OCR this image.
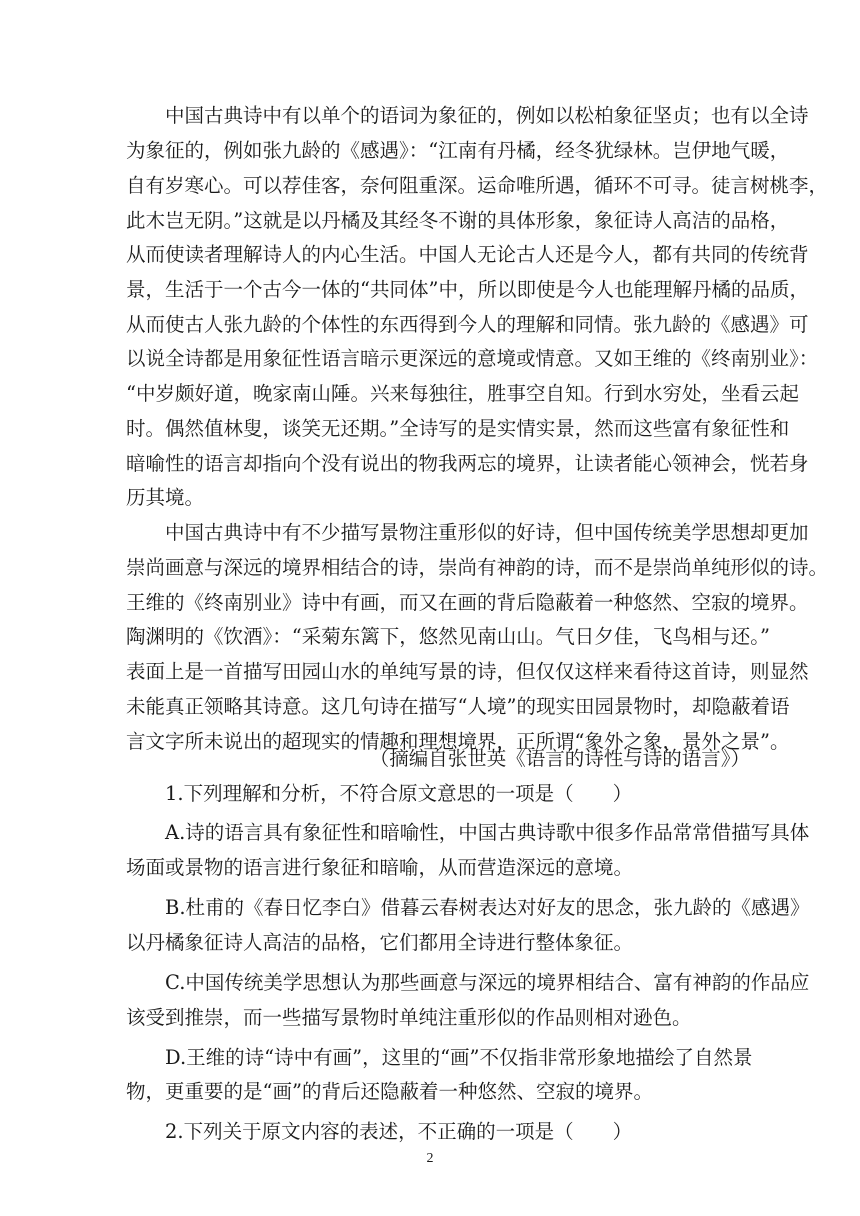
中国古典诗中有以单个的语词为象征的，例如以松柏象征坚贞；也有以全诗
为象征的，例如张九龄的《感遇》：“江南有丹橘，经冬犹绿林。岂伊地气暖，
自有岁寒心。可以荐佳客，奈何阻重深。运命唯所遇，循环不可寻。徒言树桃李，
此木岂无阴。”这就是以丹橘及其经冬不谢的具体形象，象征诗人高洁的品格，
从而使读者理解诗人的内心生活。中国人无论古人还是今人，都有共同的传统背
景，生活于一个古今一体的“共同体”中，所以即使是今人也能理解丹橘的品质，
从而使古人张九龄的个体性的东西得到今人的理解和同情。张九龄的《感遇》可
以说全诗都是用象征性语言暗示更深远的意境或情意。又如王维的《终南别业》：
“中岁颇好道，晚家南山陲。兴来每独往，胜事空自知。行到水穷处，坐看云起
时。偶然值林叟，谈笑无还期。”全诗写的是实情实景，然而这些富有象征性和
暗喻性的语言却指向个没有说出的物我两忘的境界，让读者能心领神会，恍若身
历其境。
中国古典诗中有不少描写景物注重形似的好诗，但中国传统美学思想却更加
崇尚画意与深远的境界相结合的诗，崇尚有神韵的诗，而不是崇尚单纯形似的诗。
王维的《终南别业》诗中有画，而又在画的背后隐蔽着一种悠然、空寂的境界。
陶渊明的《饮酒》：“采菊东篱下，悠然见南山山。气日夕佳，飞鸟相与还。”
表面上是一首描写田园山水的单纯写景的诗，但仅仅这样来看待这首诗，则显然
未能真正领略其诗意。这几句诗在描写“人境”的现实田园景物时，却隐蔽着语
言文字所未说出的超现实的情趣和理想境界，正所谓“象外之象，景外之景”。
（摘编自张世英《语言的诗性与诗的语言》）
1.下列理解和分析，不符合原文意思的一项是（　　）
A.诗的语言具有象征性和暗喻性，中国古典诗歌中很多作品常常借描写具体
场面或景物的语言进行象征和暗喻，从而营造深远的意境。
B.杜甫的《春日忆李白》借暮云春树表达对好友的思念，张九龄的《感遇》
以丹橘象征诗人高洁的品格，它们都用全诗进行整体象征。
C.中国传统美学思想认为那些画意与深远的境界相结合、富有神韵的作品应
该受到推崇，而一些描写景物时单纯注重形似的作品则相对逊色。
D.王维的诗“诗中有画”，这里的“画”不仅指非常形象地描绘了自然景
物，更重要的是“画”的背后还隐蔽着一种悠然、空寂的境界。
2.下列关于原文内容的表述，不正确的一项是（　　）
2
